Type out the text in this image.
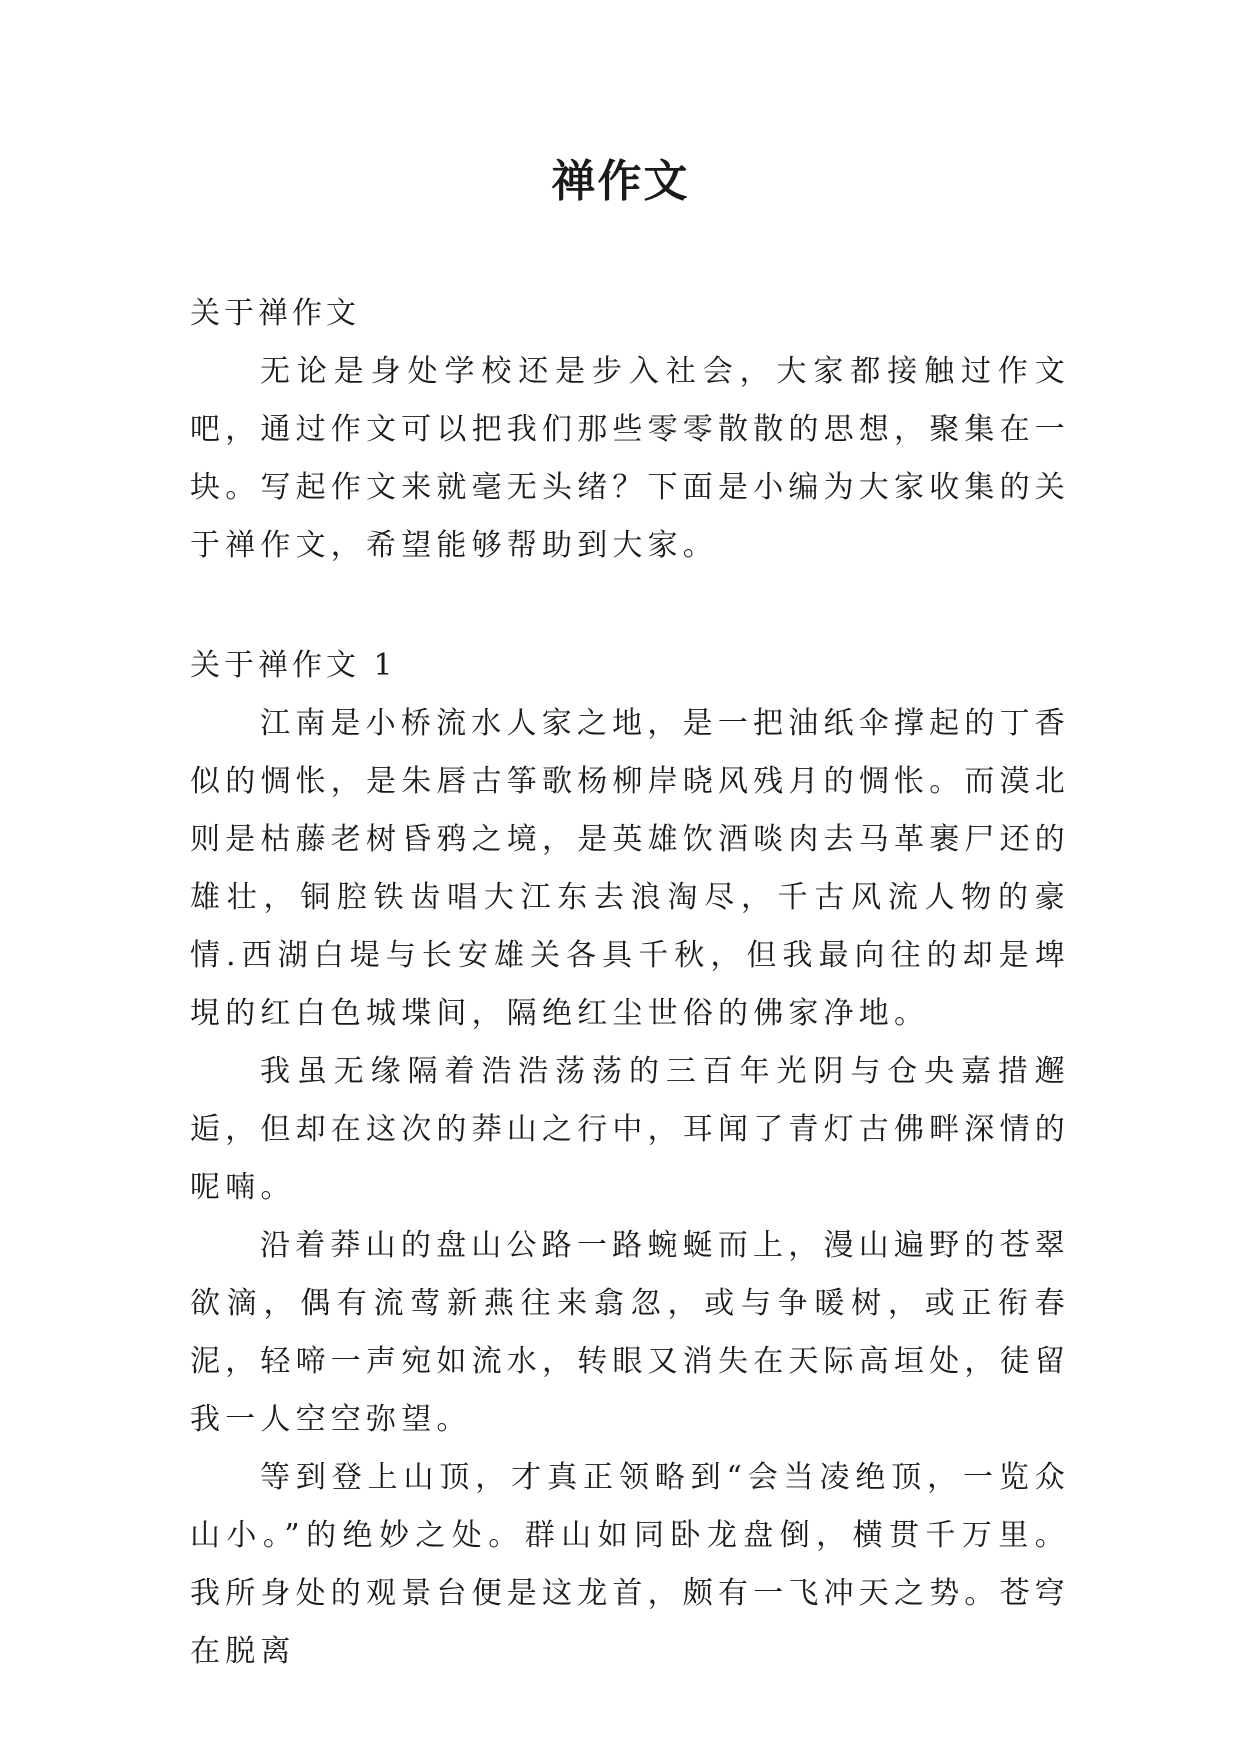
禅作文
关于禅作文

无论是身处学校还是步入社会，大家都接触过作文吧，通过作文可以把我们那些零零散散的思想，聚集在一块。写起作文来就毫无头绪？下面是小编为大家收集的关于禅作文，希望能够帮助到大家。

关于禅作文 1

江南是小桥流水人家之地，是一把油纸伞撑起的丁香似的惆怅，是朱唇古筝歌杨柳岸晓风残月的惆怅。而漠北则是枯藤老树昏鸦之境，是英雄饮酒啖肉去马革裹尸还的雄壮，铜腔铁齿唱大江东去浪淘尽，千古风流人物的豪情.西湖白堤与长安雄关各具千秋，但我最向往的却是埤垷的红白色城堞间，隔绝红尘世俗的佛家净地。

我虽无缘隔着浩浩荡荡的三百年光阴与仓央嘉措邂逅，但却在这次的莽山之行中，耳闻了青灯古佛畔深情的呢喃。

沿着莽山的盘山公路一路蜿蜒而上，漫山遍野的苍翠欲滴，偶有流莺新燕往来翕忽，或与争暖树，或正衔春泥，轻啼一声宛如流水，转眼又消失在天际高垣处，徒留我一人空空弥望。

等到登上山顶，才真正领略到“会当凌绝顶，一览众山小。”的绝妙之处。群山如同卧龙盘倒，横贯千万里。我所身处的观景台便是这龙首，颇有一飞冲天之势。苍穹在脱离
